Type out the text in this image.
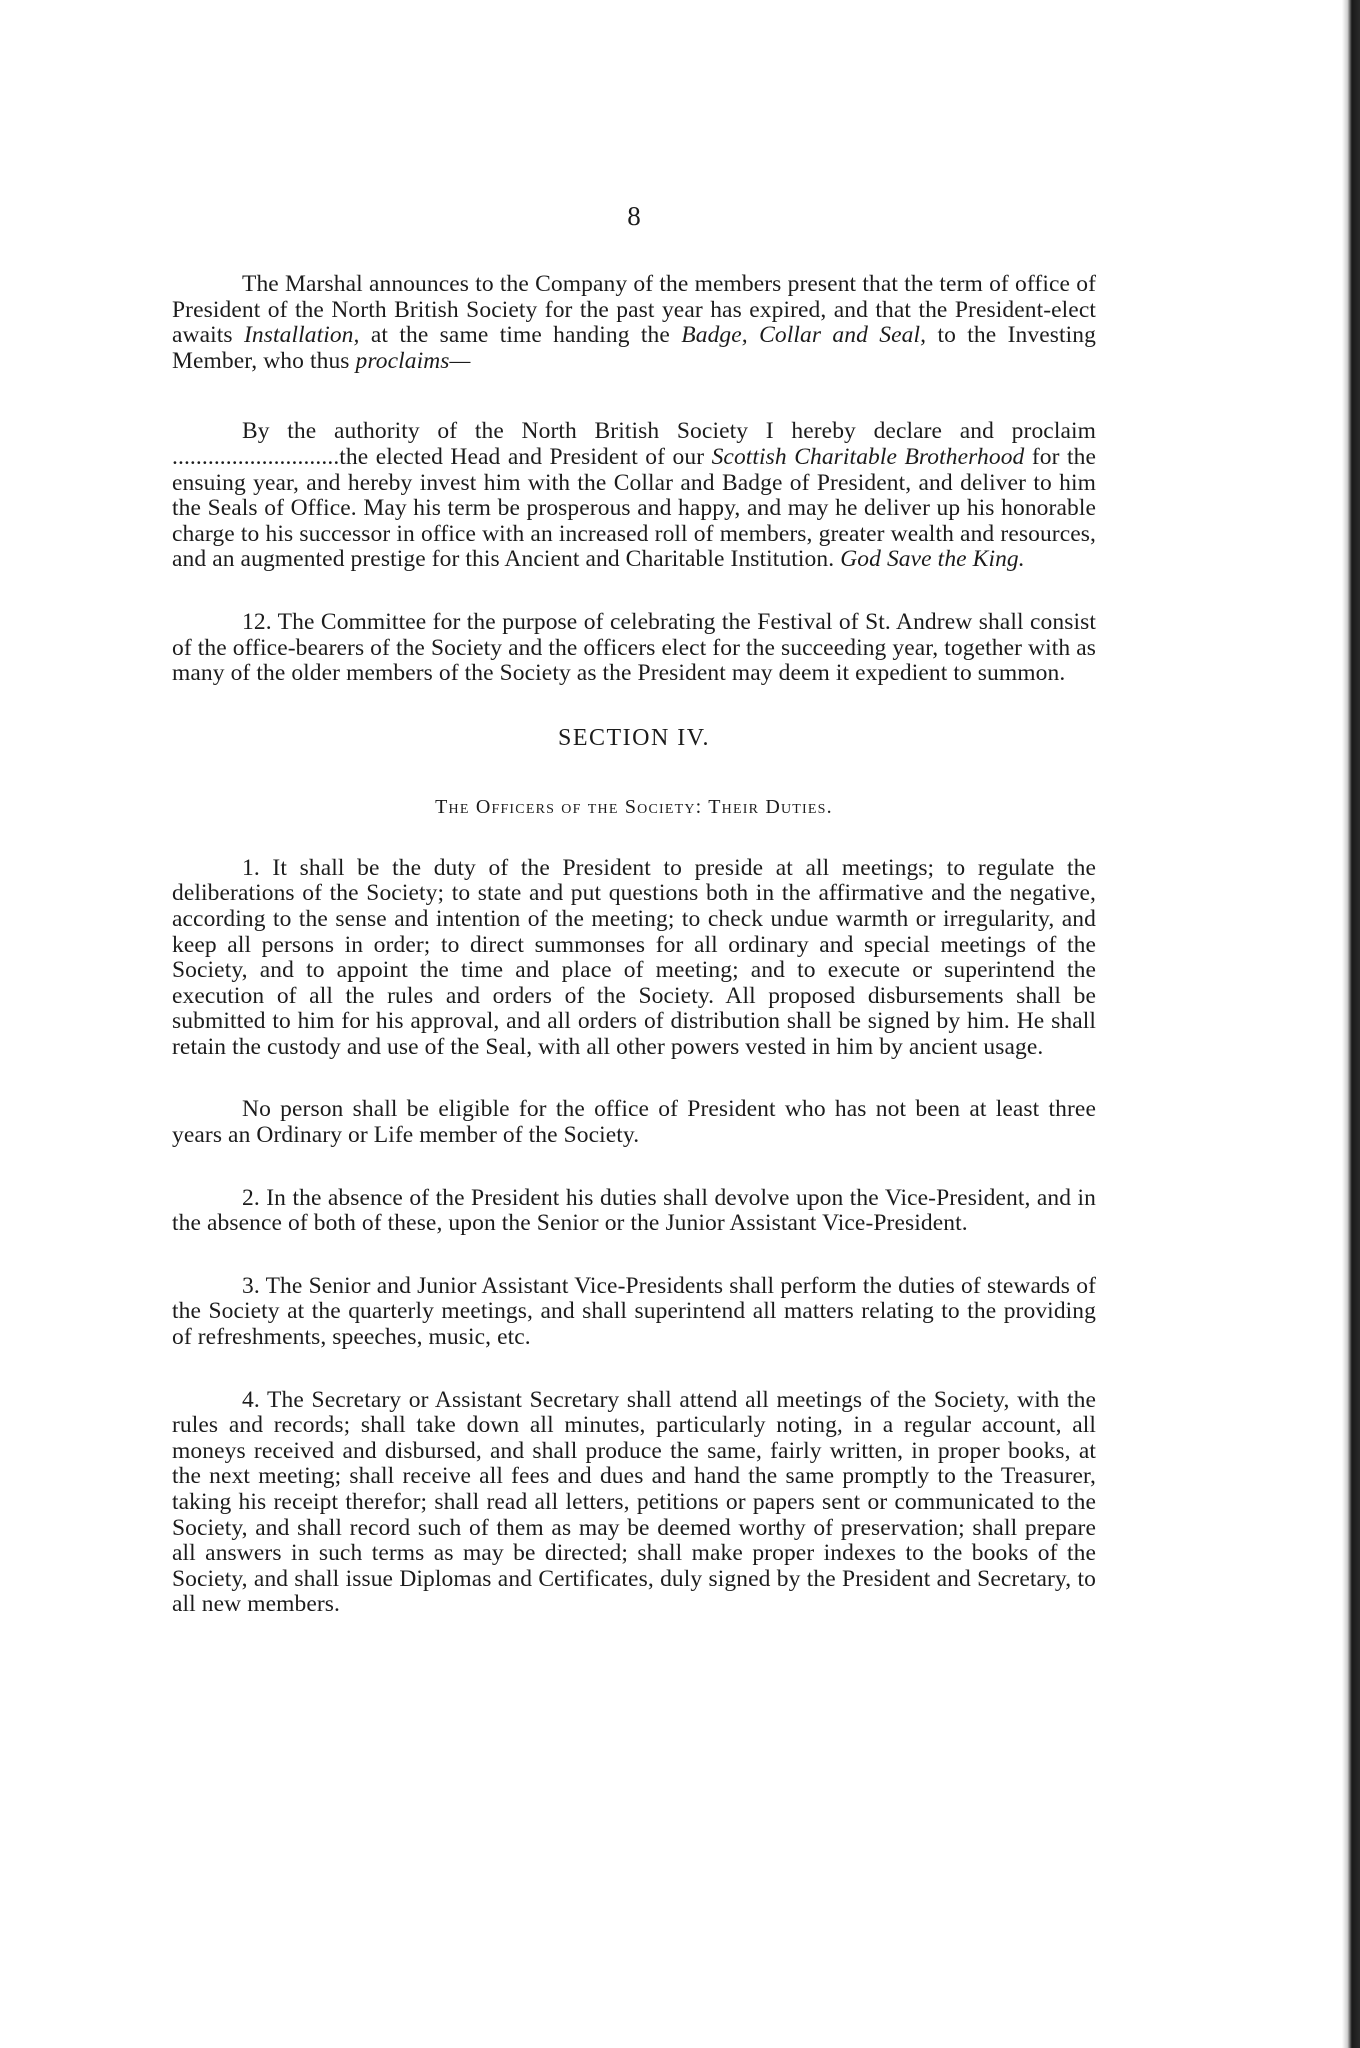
8

The Marshal announces to the Company of the members present that the term of office of President of the North British Society for the past year has expired, and that the President-elect awaits Installation, at the same time handing the Badge, Collar and Seal, to the Investing Member, who thus proclaims—

By the authority of the North British Society I hereby declare and proclaim ............................the elected Head and President of our Scottish Charitable Brotherhood for the ensuing year, and hereby invest him with the Collar and Badge of President, and deliver to him the Seals of Office. May his term be prosperous and happy, and may he deliver up his honorable charge to his successor in office with an increased roll of members, greater wealth and resources, and an augmented prestige for this Ancient and Charitable Institution. God Save the King.

12. The Committee for the purpose of celebrating the Festival of St. Andrew shall consist of the office-bearers of the Society and the officers elect for the succeeding year, together with as many of the older members of the Society as the President may deem it expedient to summon.

SECTION IV.
The Officers of the Society: Their Duties.

1. It shall be the duty of the President to preside at all meetings; to regulate the deliberations of the Society; to state and put questions both in the affirmative and the negative, according to the sense and intention of the meeting; to check undue warmth or irregularity, and keep all persons in order; to direct summonses for all ordinary and special meetings of the Society, and to appoint the time and place of meeting; and to execute or superintend the execution of all the rules and orders of the Society. All proposed disbursements shall be submitted to him for his approval, and all orders of distribution shall be signed by him. He shall retain the custody and use of the Seal, with all other powers vested in him by ancient usage.

No person shall be eligible for the office of President who has not been at least three years an Ordinary or Life member of the Society.

2. In the absence of the President his duties shall devolve upon the Vice-President, and in the absence of both of these, upon the Senior or the Junior Assistant Vice-President.

3. The Senior and Junior Assistant Vice-Presidents shall perform the duties of stewards of the Society at the quarterly meetings, and shall superintend all matters relating to the providing of refreshments, speeches, music, etc.

4. The Secretary or Assistant Secretary shall attend all meetings of the Society, with the rules and records; shall take down all minutes, particularly noting, in a regular account, all moneys received and disbursed, and shall produce the same, fairly written, in proper books, at the next meeting; shall receive all fees and dues and hand the same promptly to the Treasurer, taking his receipt therefor; shall read all letters, petitions or papers sent or communicated to the Society, and shall record such of them as may be deemed worthy of preservation; shall prepare all answers in such terms as may be directed; shall make proper indexes to the books of the Society, and shall issue Diplomas and Certificates, duly signed by the President and Secretary, to all new members.
